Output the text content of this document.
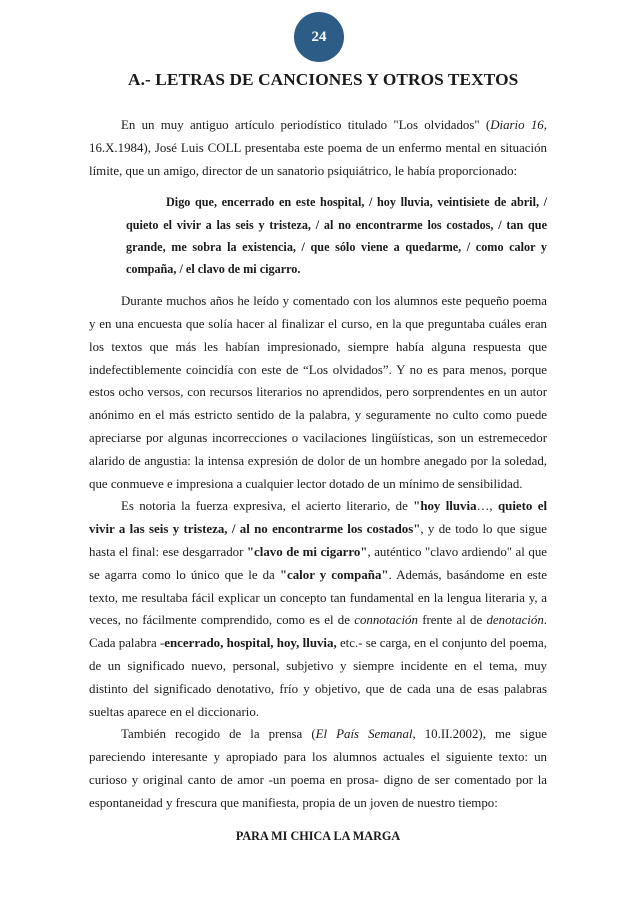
24
A.- LETRAS DE CANCIONES Y OTROS TEXTOS

En un muy antiguo artículo periodístico titulado "Los olvidados" (Diario 16, 16.X.1984), José Luis COLL presentaba este poema de un enfermo mental en situación límite, que un amigo, director de un sanatorio psiquiátrico, le había proporcionado:

Digo que, encerrado en este hospital, / hoy lluvia, veintisiete de abril, / quieto el vivir a las seis y tristeza, / al no encontrarme los costados, / tan que grande, me sobra la existencia, / que sólo viene a quedarme, / como calor y compaña, / el clavo de mi cigarro.

Durante muchos años he leído y comentado con los alumnos este pequeño poema y en una encuesta que solía hacer al finalizar el curso, en la que preguntaba cuáles eran los textos que más les habían impresionado, siempre había alguna respuesta que indefectiblemente coincidía con este de “Los olvidados”. Y no es para menos, porque estos ocho versos, con recursos literarios no aprendidos, pero sorprendentes en un autor anónimo en el más estricto sentido de la palabra, y seguramente no culto como puede apreciarse por algunas incorrecciones o vacilaciones lingüísticas, son un estremecedor alarido de angustia: la intensa expresión de dolor de un hombre anegado por la soledad, que conmueve e impresiona a cualquier lector dotado de un mínimo de sensibilidad.

Es notoria la fuerza expresiva, el acierto literario, de "hoy lluvia…, quieto el vivir a las seis y tristeza, / al no encontrarme los costados", y de todo lo que sigue hasta el final: ese desgarrador "clavo de mi cigarro", auténtico "clavo ardiendo" al que se agarra como lo único que le da "calor y compaña". Además, basándome en este texto, me resultaba fácil explicar un concepto tan fundamental en la lengua literaria y, a veces, no fácilmente comprendido, como es el de connotación frente al de denotación. Cada palabra -encerrado, hospital, hoy, lluvia, etc.- se carga, en el conjunto del poema, de un significado nuevo, personal, subjetivo y siempre incidente en el tema, muy distinto del significado denotativo, frío y objetivo, que de cada una de esas palabras sueltas aparece en el diccionario.

También recogido de la prensa (El País Semanal, 10.II.2002), me sigue pareciendo interesante y apropiado para los alumnos actuales el siguiente texto: un curioso y original canto de amor -un poema en prosa- digno de ser comentado por la espontaneidad y frescura que manifiesta, propia de un joven de nuestro tiempo:

PARA MI CHICA LA MARGA
